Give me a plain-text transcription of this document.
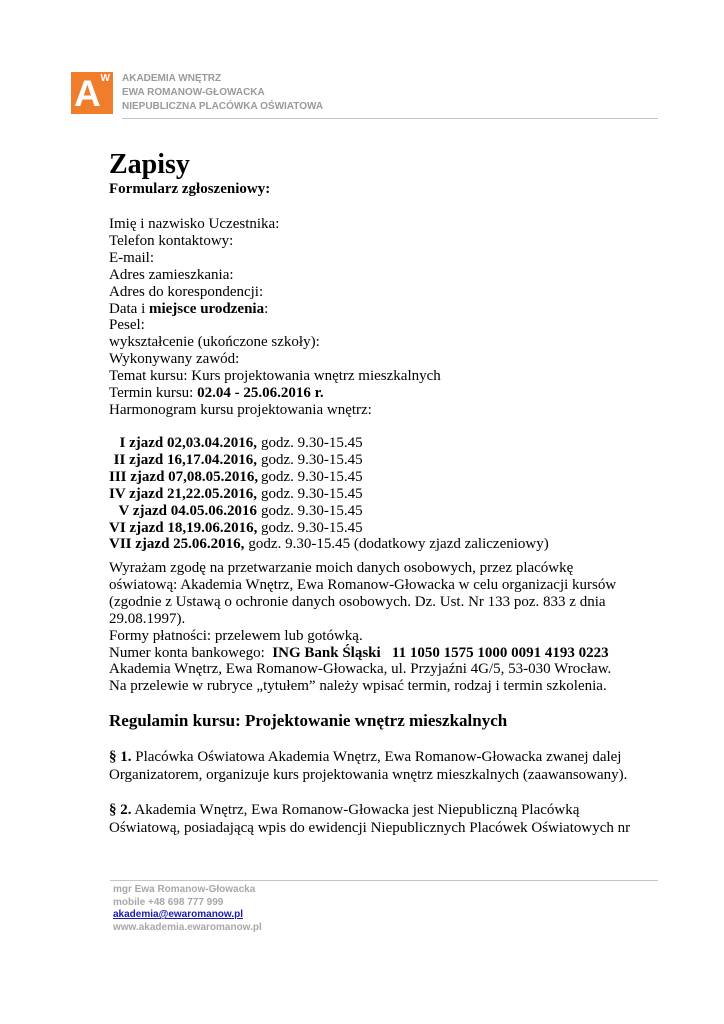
A W AKADEMIA WNĘTRZ
EWA ROMANOW-GŁOWACKA
NIEPUBLICZNA PLACÓWKA OŚWIATOWA
Zapisy
Formularz zgłoszeniowy:
Imię i nazwisko Uczestnika:
Telefon kontaktowy:
E-mail:
Adres zamieszkania:
Adres do korespondencji:
Data i miejsce urodzenia:
Pesel:
wykształcenie (ukończone szkoły):
Wykonywany zawód:
Temat kursu: Kurs projektowania wnętrz mieszkalnych
Termin kursu: 02.04 - 25.06.2016 r.
Harmonogram kursu projektowania wnętrz:
I zjazd 02,03.04.2016, godz. 9.30-15.45
II zjazd 16,17.04.2016, godz. 9.30-15.45
III zjazd 07,08.05.2016, godz. 9.30-15.45
IV zjazd 21,22.05.2016, godz. 9.30-15.45
V zjazd 04.05.06.2016 godz. 9.30-15.45
VI zjazd 18,19.06.2016, godz. 9.30-15.45
VII zjazd 25.06.2016, godz. 9.30-15.45 (dodatkowy zjazd zaliczeniowy)
Wyrażam zgodę na przetwarzanie moich danych osobowych, przez placówkę
oświatową: Akademia Wnętrz, Ewa Romanow-Głowacka w celu organizacji kursów
(zgodnie z Ustawą o ochronie danych osobowych. Dz. Ust. Nr 133 poz. 833 z dnia
29.08.1997).
Formy płatności: przelewem lub gotówką.
Numer konta bankowego:  ING Bank Śląski   11 1050 1575 1000 0091 4193 0223
Akademia Wnętrz, Ewa Romanow-Głowacka, ul. Przyjaźni 4G/5, 53-030 Wrocław.
Na przelewie w rubryce „tytułem” należy wpisać termin, rodzaj i termin szkolenia.
Regulamin kursu: Projektowanie wnętrz mieszkalnych
§ 1. Placówka Oświatowa Akademia Wnętrz, Ewa Romanow-Głowacka zwanej dalej
Organizatorem, organizuje kurs projektowania wnętrz mieszkalnych (zaawansowany).
§ 2. Akademia Wnętrz, Ewa Romanow-Głowacka jest Niepubliczną Placówką
Oświatową, posiadającą wpis do ewidencji Niepublicznych Placówek Oświatowych nr
mgr Ewa Romanow-Głowacka
mobile +48 698 777 999
akademia@ewaromanow.pl
www.akademia.ewaromanow.pl
